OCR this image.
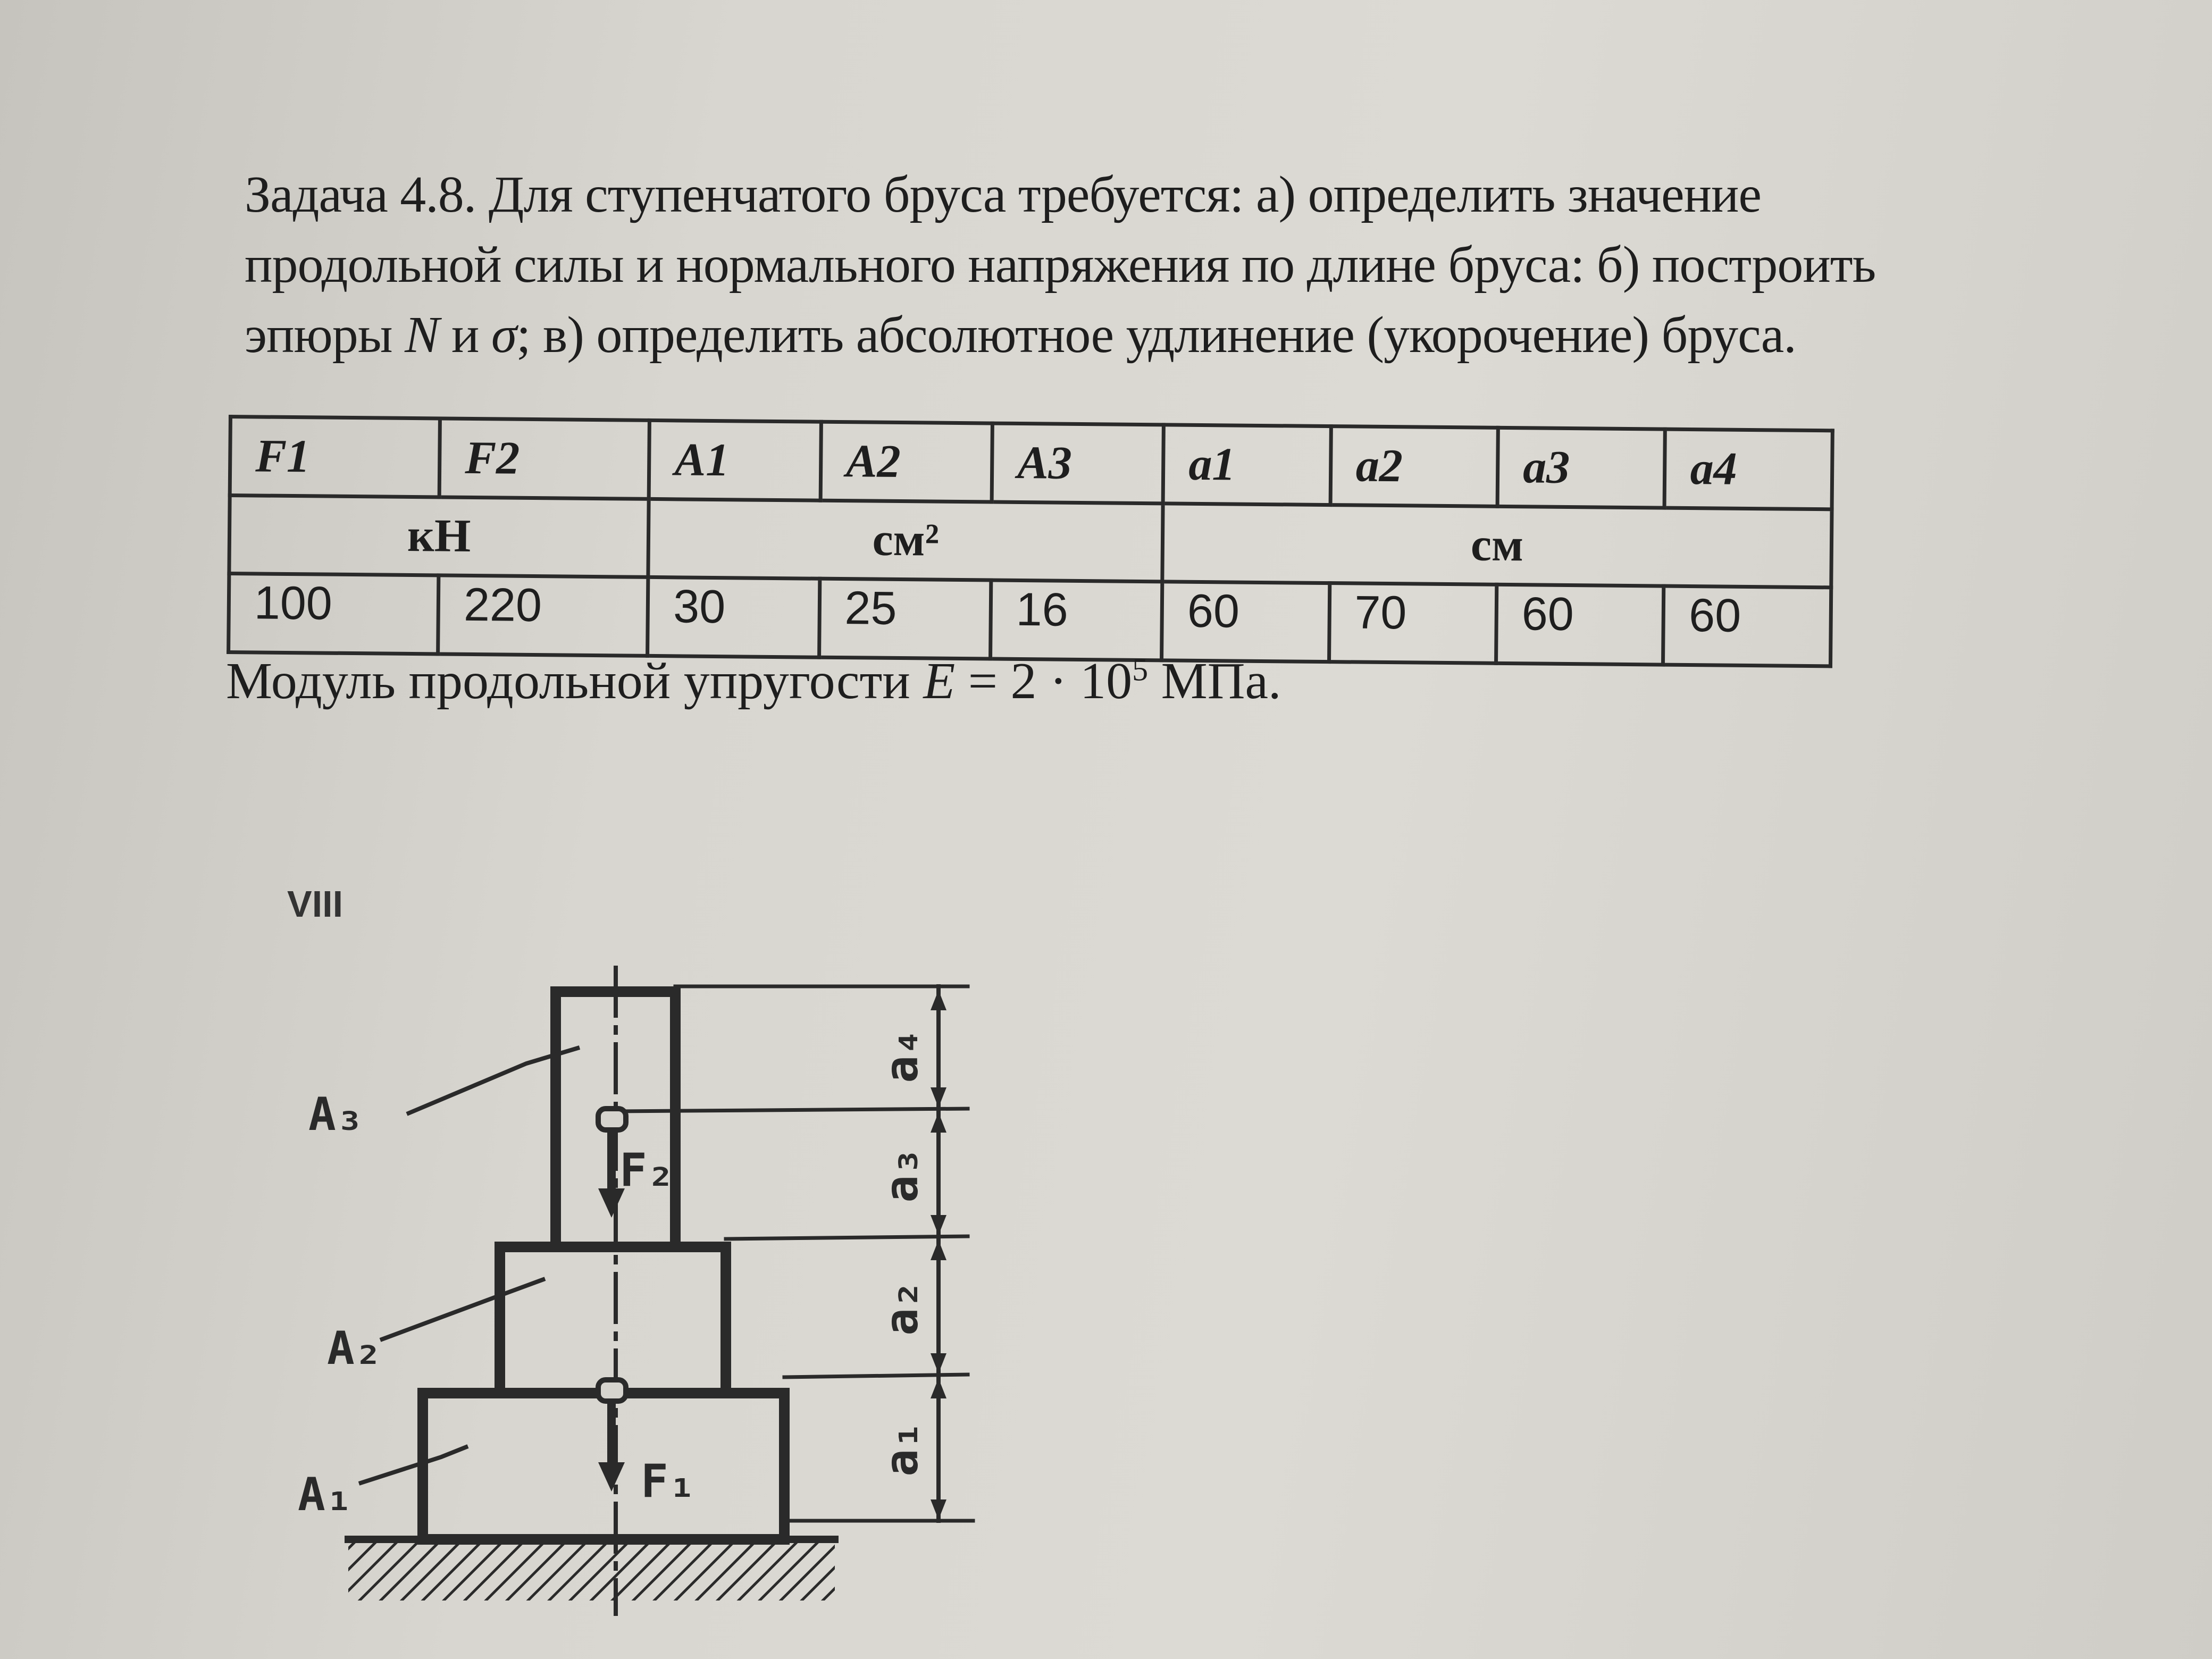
Задача 4.8. Для ступенчатого бруса требуется: а) определить значение
продольной силы и нормального напряжения по длине бруса: б) построить
эпюры N и σ; в) определить абсолютное удлинение (укорочение) бруса.
F1	F2	A1	A2	A3	a1	a2	a3	a4
кН		см²			см			
100	220	30	25	16	60	70	60	60
Модуль продольной упругости $E = 2 \cdot 10^5$ МПа.
VIII
A₃
A₂
A₁
F₂
F₁
a₄
a₃
a₂
a₁
